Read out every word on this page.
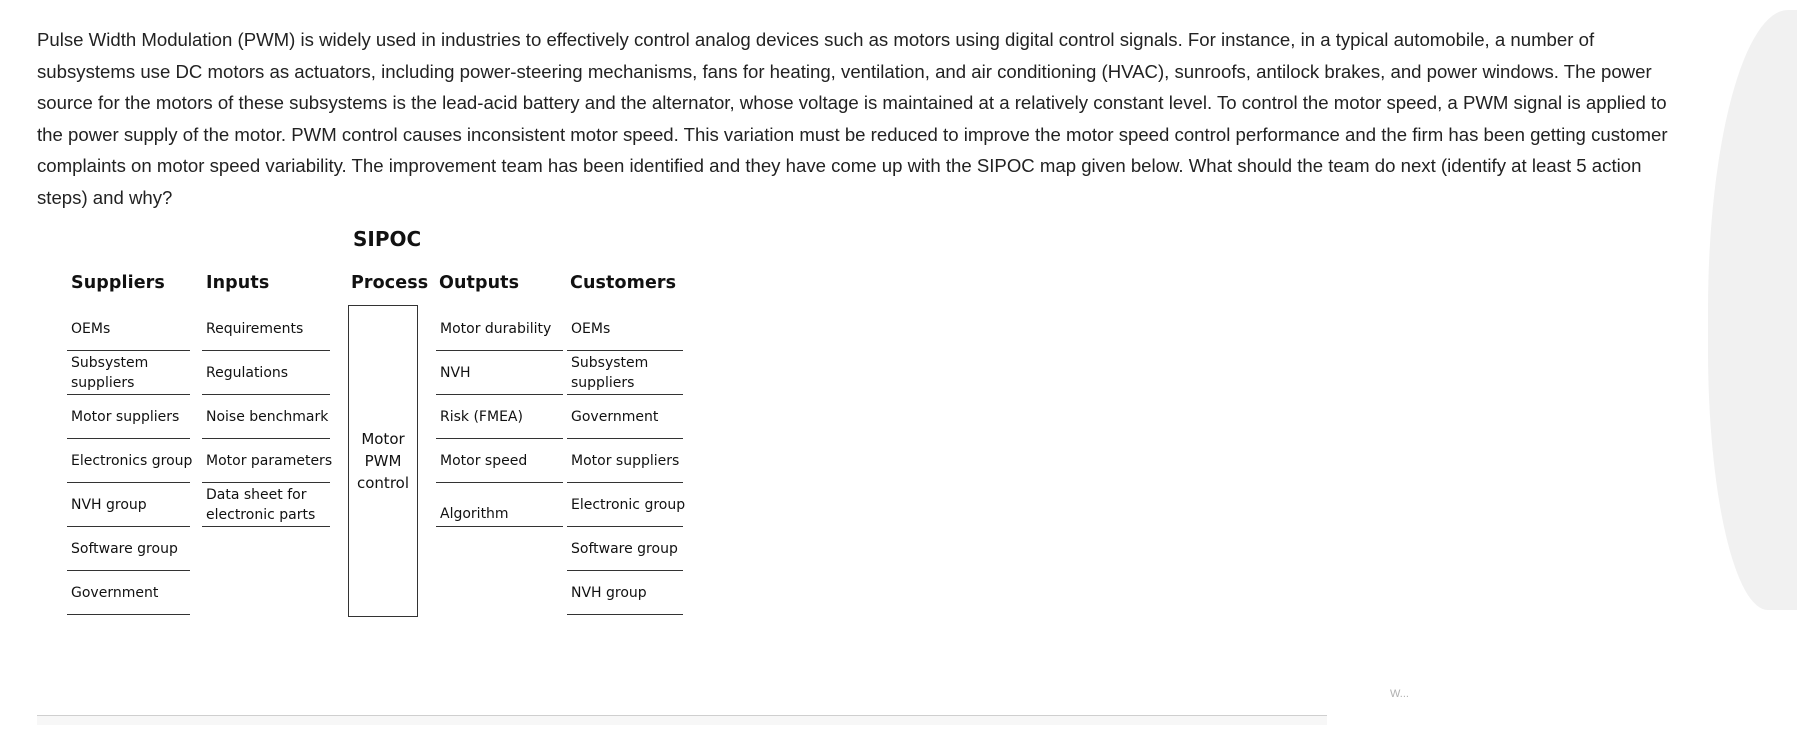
Pulse Width Modulation (PWM) is widely used in industries to effectively control analog devices such as motors using digital control signals. For instance, in a typical automobile, a number of subsystems use DC motors as actuators, including power-steering mechanisms, fans for heating, ventilation, and air conditioning (HVAC), sunroofs, antilock brakes, and power windows. The power source for the motors of these subsystems is the lead-acid battery and the alternator, whose voltage is maintained at a relatively constant level. To control the motor speed, a PWM signal is applied to the power supply of the motor. PWM control causes inconsistent motor speed. This variation must be reduced to improve the motor speed control performance and the firm has been getting customer complaints on motor speed variability. The improvement team has been identified and they have come up with the SIPOC map given below. What should the team do next (identify at least 5 action steps) and why?

SIPOC
Suppliers Inputs	Process Outputs	Customers
OEMs
Subsystem
suppliers
Motor suppliers
Electronics group
NVH group
Software group
Government
Requirements
Regulations
Noise benchmark
Motor parameters
Data sheet for
electronic parts
Motor
PWM
control
Motor durability
NVH
Risk (FMEA)
Motor speed
Algorithm
OEMs
Subsystem
suppliers
Government
Motor suppliers
Electronic group
Software group
NVH group
W...
